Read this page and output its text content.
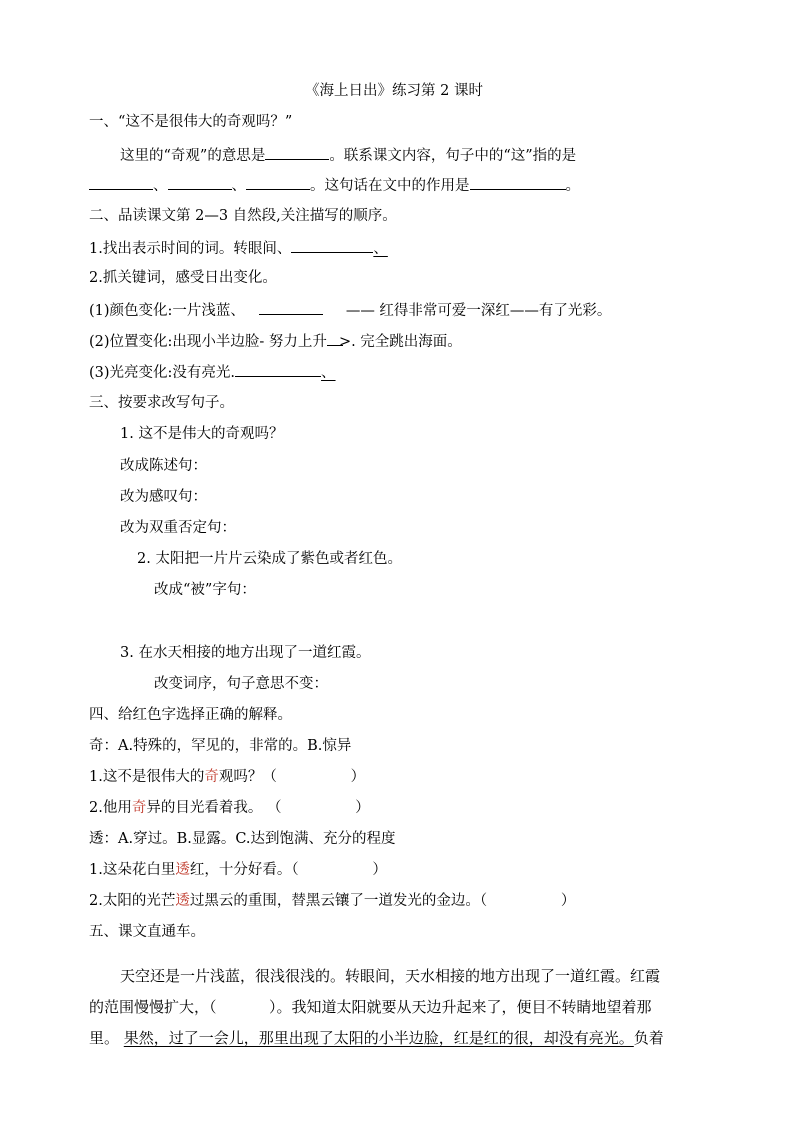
《海上日出》练习第 2 课时
一、“这不是很伟大的奇观吗？”
这里的“奇观”的意思是	。联系课文内容，句子中的“这”指的是
、	、	。这句话在文中的作用是	。
二、品读课文第 2—3 自然段,关注描写的顺序。
1.找出表示时间的词。转眼间、	、
2.抓关键词，感受日出变化。
(1)颜色变化:一片浅蓝、	—— 红得非常可爱一深红——有了光彩。
(2)位置变化:出现小半边脸- 努力上升 >. 完全跳出海面。
(3)光亮变化:没有亮光.	、
三、按要求改写句子。
1. 这不是伟大的奇观吗？
改成陈述句：
改为感叹句：
改为双重否定句：
2. 太阳把一片片云染成了紫色或者红色。
改成“被”字句：
3. 在水天相接的地方出现了一道红霞。
改变词序，句子意思不变：
四、给红色字选择正确的解释。
奇：A.特殊的，罕见的，非常的。B.惊异
1.这不是很伟大的奇观吗？（                ）
2.他用奇异的目光看着我。 （                ）
透：A.穿过。B.显露。C.达到饱满、充分的程度
1.这朵花白里透红，十分好看。（                ）
2.太阳的光芒透过黑云的重围，替黑云镶了一道发光的金边。（                ）
五、课文直通车。
天空还是一片浅蓝，很浅很浅的。转眼间，天水相接的地方出现了一道红霞。红霞
的范围慢慢扩大，（           ）。我知道太阳就要从天边升起来了，便目不转睛地望着那
里。 果然，过了一会儿，那里出现了太阳的小半边脸，红是红的很，却没有亮光。负着
